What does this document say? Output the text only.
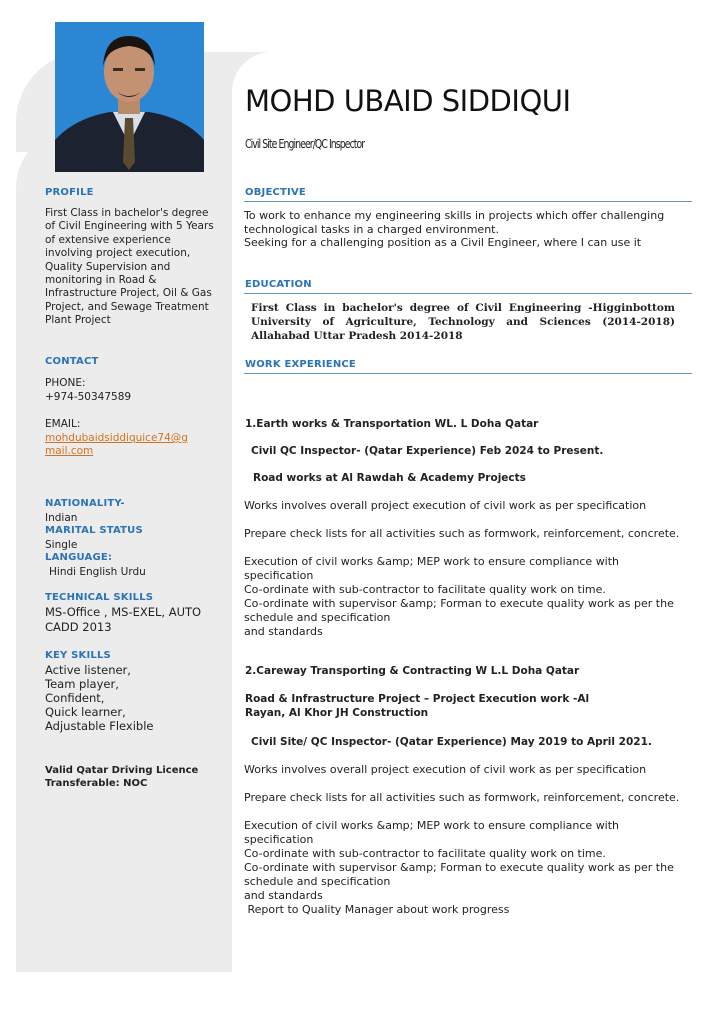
MOHD UBAID SIDDIQUI
Civil Site Engineer/QC Inspector
PROFILE
First Class in bachelor's degree of Civil Engineering with 5 Years of extensive experience involving project execution, Quality Supervision and monitoring in Road & Infrastructure Project, Oil & Gas Project, and Sewage Treatment Plant Project
CONTACT
PHONE:
+974-50347589
EMAIL:
mohdubaidsiddiquice74@gmail.com
NATIONALITY-
Indian
MARITAL STATUS
Single
LANGUAGE:
Hindi English Urdu
TECHNICAL SKILLS
MS-Office , MS-EXEL, AUTO CADD 2013
KEY SKILLS
Active listener,
Team player,
Confident,
Quick learner,
Adjustable Flexible
Valid Qatar Driving Licence
Transferable: NOC
OBJECTIVE
To work to enhance my engineering skills in projects which offer challenging technological tasks in a charged environment.
Seeking for a challenging position as a Civil Engineer, where I can use it
EDUCATION
First Class in bachelor's degree of Civil Engineering -Higginbottom
University of Agriculture, Technology and Sciences (2014-2018)
Allahabad Uttar Pradesh 2014-2018
WORK EXPERIENCE
1.Earth works & Transportation WL. L Doha Qatar
Civil QC Inspector- (Qatar Experience) Feb 2024 to Present.
Road works at Al Rawdah & Academy Projects
Works involves overall project execution of civil work as per specification
Prepare check lists for all activities such as formwork, reinforcement, concrete.
Execution of civil works &amp; MEP work to ensure compliance with specification
Co-ordinate with sub-contractor to facilitate quality work on time.
Co-ordinate with supervisor &amp; Forman to execute quality work as per the schedule and specification
and standards
2.Careway Transporting & Contracting W L.L Doha Qatar
Road & Infrastructure Project – Project Execution work -Al Rayan, Al Khor JH Construction
Civil Site/ QC Inspector- (Qatar Experience) May 2019 to April 2021.
Works involves overall project execution of civil work as per specification
Prepare check lists for all activities such as formwork, reinforcement, concrete.
Execution of civil works &amp; MEP work to ensure compliance with specification
Co-ordinate with sub-contractor to facilitate quality work on time.
Co-ordinate with supervisor &amp; Forman to execute quality work as per the schedule and specification
and standards
Report to Quality Manager about work progress
